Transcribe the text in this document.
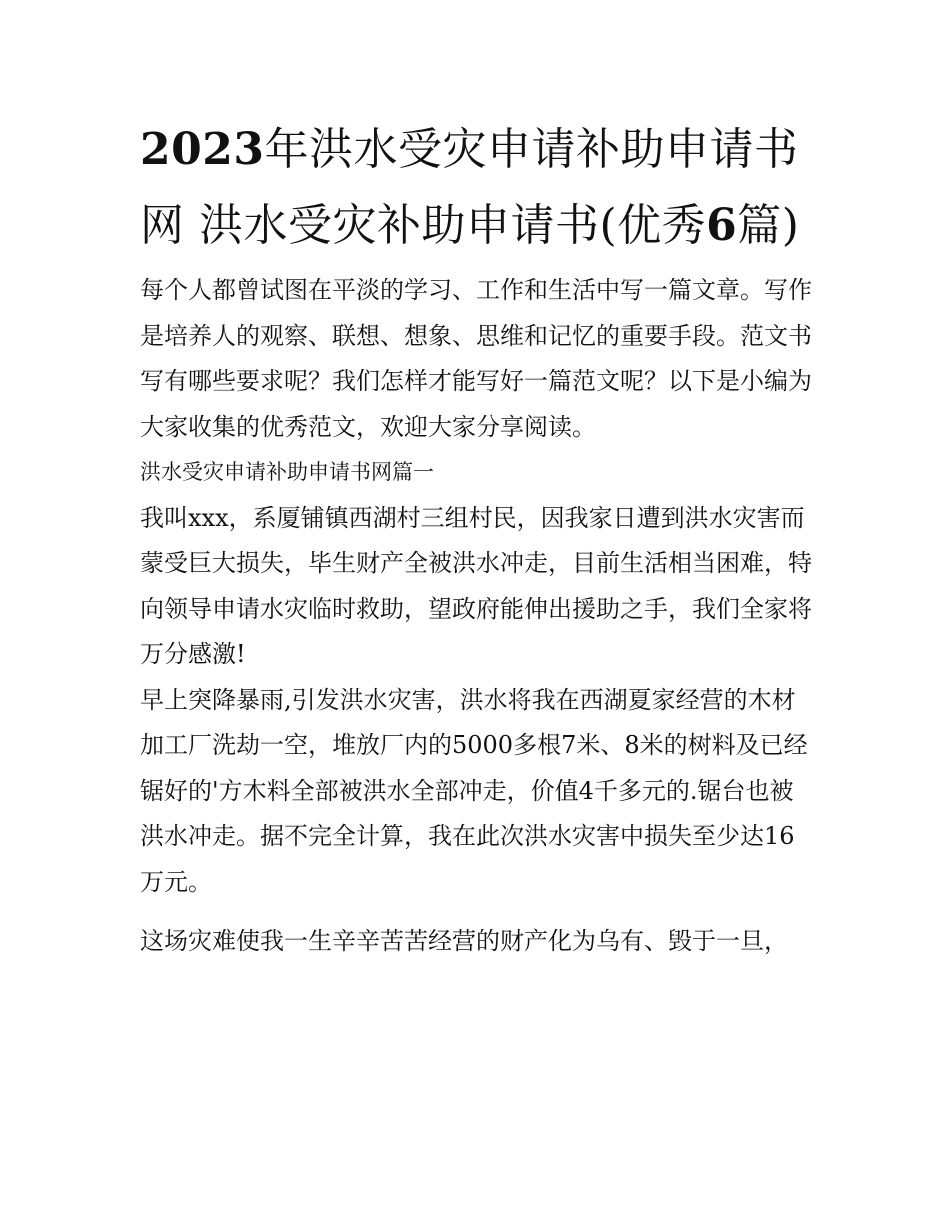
2023年洪水受灾申请补助申请书网 洪水受灾补助申请书(优秀6篇)

每个人都曾试图在平淡的学习、工作和生活中写一篇文章。写作是培养人的观察、联想、想象、思维和记忆的重要手段。范文书写有哪些要求呢？我们怎样才能写好一篇范文呢？以下是小编为大家收集的优秀范文，欢迎大家分享阅读。

洪水受灾申请补助申请书网篇一

我叫xxx，系厦铺镇西湖村三组村民，因我家日遭到洪水灾害而蒙受巨大损失，毕生财产全被洪水冲走，目前生活相当困难，特向领导申请水灾临时救助，望政府能伸出援助之手，我们全家将万分感激!

早上突降暴雨,引发洪水灾害，洪水将我在西湖夏家经营的木材加工厂洗劫一空，堆放厂内的5000多根7米、8米的树料及已经锯好的'方木料全部被洪水全部冲走，价值4千多元的.锯台也被洪水冲走。据不完全计算，我在此次洪水灾害中损失至少达16万元。

这场灾难使我一生辛辛苦苦经营的财产化为乌有、毁于一旦，
